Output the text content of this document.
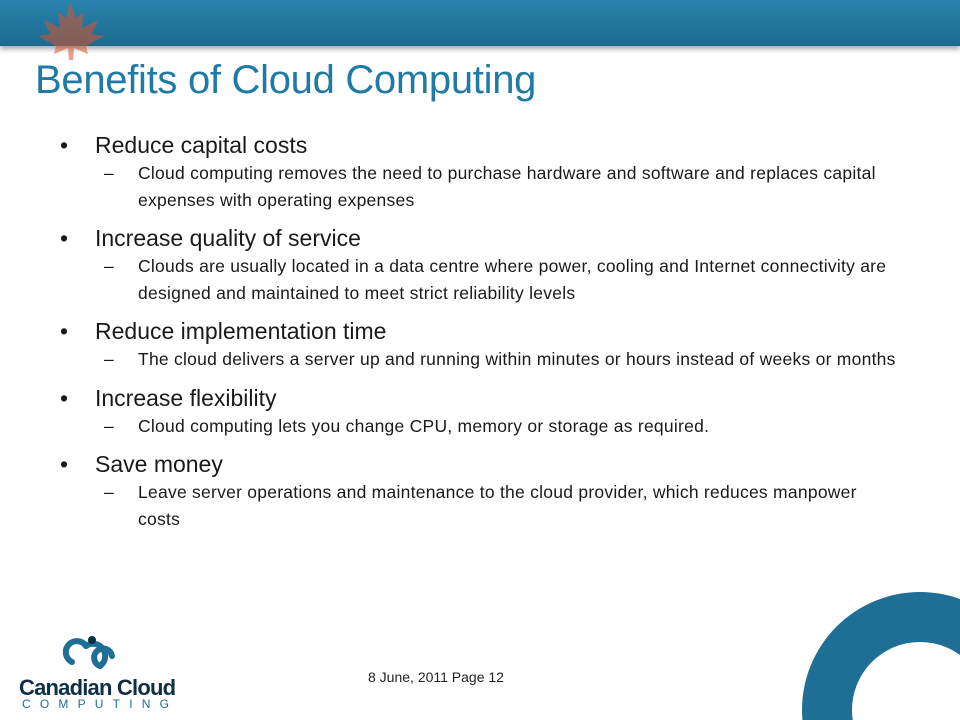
Benefits of Cloud Computing
•	Reduce capital costs
–	Cloud computing removes the need to purchase hardware and software and replaces capital expenses with operating expenses
•	Increase quality of service
–	Clouds are usually located in a data centre where power, cooling and Internet connectivity are designed and maintained to meet strict reliability levels
•	Reduce implementation time
–	The cloud delivers a server up and running within minutes or hours instead of weeks or months
•	Increase flexibility
–	Cloud computing lets you change CPU, memory or storage as required.
•	Save money
–	Leave server operations and maintenance to the cloud provider, which reduces manpower costs
Canadian Cloud
COMPUTING
8 June, 2011 Page 12
